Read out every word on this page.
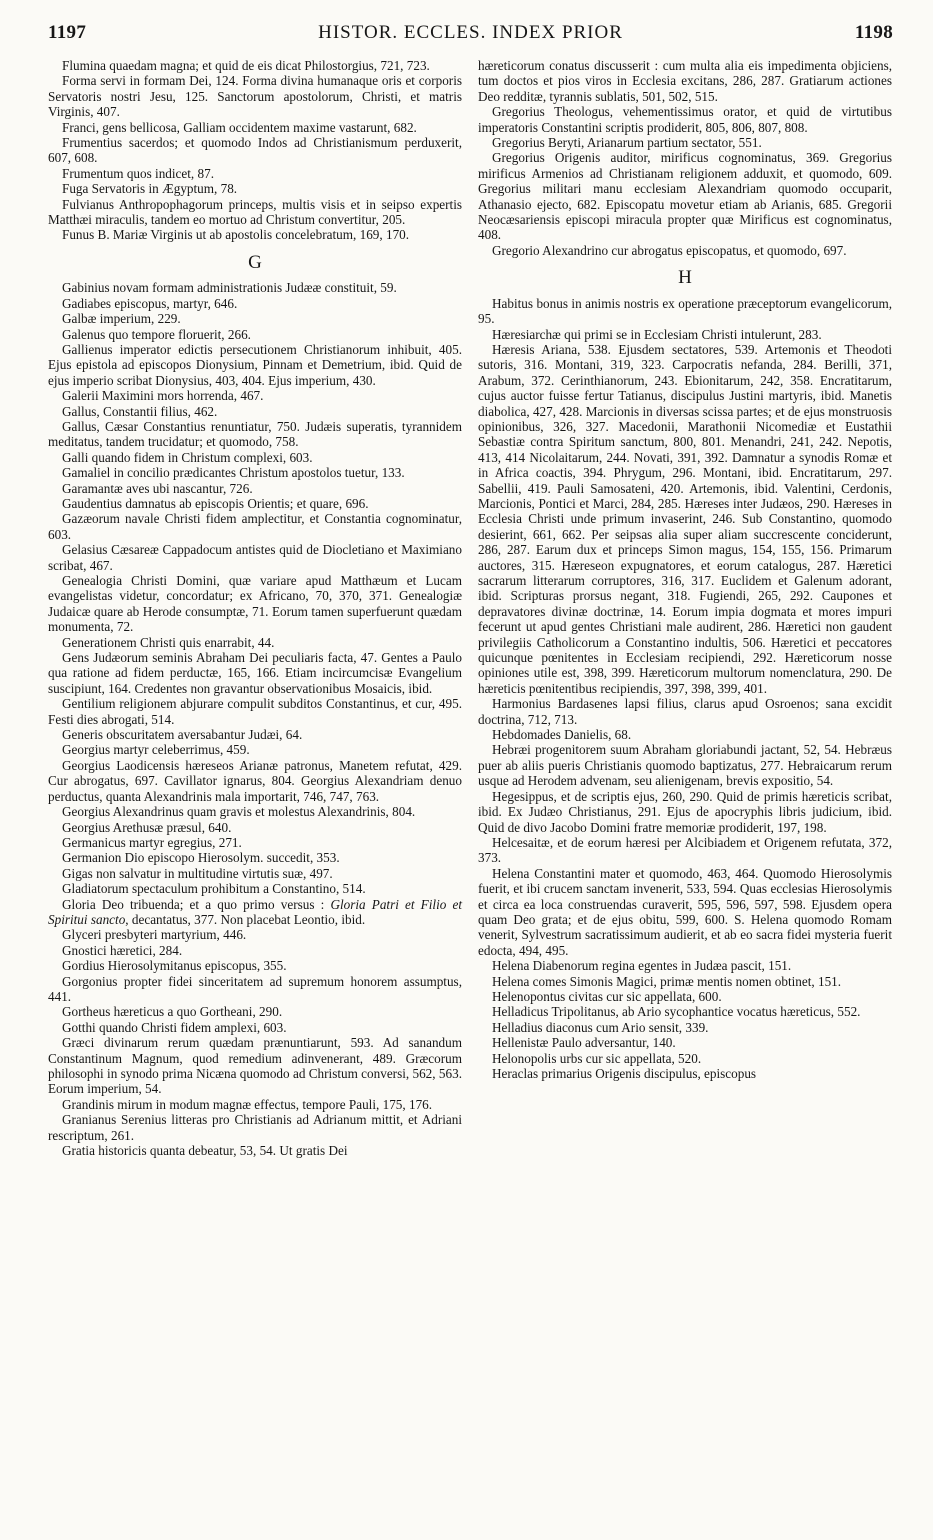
1197	HISTOR. ECCLES. INDEX PRIOR	1198

Flumina quaedam magna; et quid de eis dicat Philostorgius, 721, 723.

Forma servi in formam Dei, 124. Forma divina humanaque oris et corporis Servatoris nostri Jesu, 125. Sanctorum apostolorum, Christi, et matris Virginis, 407.

Franci, gens bellicosa, Galliam occidentem maxime vastarunt, 682.

Frumentius sacerdos; et quomodo Indos ad Christianismum perduxerit, 607, 608.

Frumentum quos indicet, 87.

Fuga Servatoris in Ægyptum, 78.

Fulvianus Anthropophagorum princeps, multis visis et in seipso expertis Matthæi miraculis, tandem eo mortuo ad Christum convertitur, 205.

Funus B. Mariæ Virginis ut ab apostolis concelebratum, 169, 170.

G

Gabinius novam formam administrationis Judææ constituit, 59.

Gadiabes episcopus, martyr, 646.

Galbæ imperium, 229.

Galenus quo tempore floruerit, 266.

Gallienus imperator edictis persecutionem Christianorum inhibuit, 405. Ejus epistola ad episcopos Dionysium, Pinnam et Demetrium, ibid. Quid de ejus imperio scribat Dionysius, 403, 404. Ejus imperium, 430.

Galerii Maximini mors horrenda, 467.

Gallus, Constantii filius, 462.

Gallus, Cæsar Constantius renuntiatur, 750. Judæis superatis, tyrannidem meditatus, tandem trucidatur; et quomodo, 758.

Galli quando fidem in Christum complexi, 603.

Gamaliel in concilio prædicantes Christum apostolos tuetur, 133.

Garamantæ aves ubi nascantur, 726.

Gaudentius damnatus ab episcopis Orientis; et quare, 696.

Gazæorum navale Christi fidem amplectitur, et Constantia cognominatur, 603.

Gelasius Cæsareæ Cappadocum antistes quid de Diocletiano et Maximiano scribat, 467.

Genealogia Christi Domini, quæ variare apud Matthæum et Lucam evangelistas videtur, concordatur; ex Africano, 70, 370, 371. Genealogiæ Judaicæ quare ab Herode consumptæ, 71. Eorum tamen superfuerunt quædam monumenta, 72.

Generationem Christi quis enarrabit, 44.

Gens Judæorum seminis Abraham Dei peculiaris facta, 47. Gentes a Paulo qua ratione ad fidem perductæ, 165, 166. Etiam incircumcisæ Evangelium suscipiunt, 164. Credentes non gravantur observationibus Mosaicis, ibid.

Gentilium religionem abjurare compulit subditos Constantinus, et cur, 495. Festi dies abrogati, 514.

Generis obscuritatem aversabantur Judæi, 64.

Georgius martyr celeberrimus, 459.

Georgius Laodicensis hæreseos Arianæ patronus, Manetem refutat, 429. Cur abrogatus, 697. Cavillator ignarus, 804. Georgius Alexandriam denuo perductus, quanta Alexandrinis mala importarit, 746, 747, 763.

Georgius Alexandrinus quam gravis et molestus Alexandrinis, 804.

Georgius Arethusæ præsul, 640.

Germanicus martyr egregius, 271.

Germanion Dio episcopo Hierosolym. succedit, 353.

Gigas non salvatur in multitudine virtutis suæ, 497.

Gladiatorum spectaculum prohibitum a Constantino, 514.

Gloria Deo tribuenda; et a quo primo versus : Gloria Patri et Filio et Spiritui sancto, decantatus, 377. Non placebat Leontio, ibid.

Glyceri presbyteri martyrium, 446.

Gnostici hæretici, 284.

Gordius Hierosolymitanus episcopus, 355.

Gorgonius propter fidei sinceritatem ad supremum honorem assumptus, 441.

Gortheus hæreticus a quo Gortheani, 290.

Gotthi quando Christi fidem amplexi, 603.

Græci divinarum rerum quædam prænuntiarunt, 593. Ad sanandum Constantinum Magnum, quod remedium adinvenerant, 489. Græcorum philosophi in synodo prima Nicæna quomodo ad Christum conversi, 562, 563. Eorum imperium, 54.

Grandinis mirum in modum magnæ effectus, tempore Pauli, 175, 176.

Granianus Serenius litteras pro Christianis ad Adrianum mittit, et Adriani rescriptum, 261.

Gratia historicis quanta debeatur, 53, 54. Ut gratis Dei

hæreticorum conatus discusserit : cum multa alia eis impedimenta objiciens, tum doctos et pios viros in Ecclesia excitans, 286, 287. Gratiarum actiones Deo redditæ, tyrannis sublatis, 501, 502, 515.

Gregorius Theologus, vehementissimus orator, et quid de virtutibus imperatoris Constantini scriptis prodiderit, 805, 806, 807, 808.

Gregorius Beryti, Arianarum partium sectator, 551.

Gregorius Origenis auditor, mirificus cognominatus, 369. Gregorius mirificus Armenios ad Christianam religionem adduxit, et quomodo, 609. Gregorius militari manu ecclesiam Alexandriam quomodo occuparit, Athanasio ejecto, 682. Episcopatu movetur etiam ab Arianis, 685. Gregorii Neocæsariensis episcopi miracula propter quæ Mirificus est cognominatus, 408.

Gregorio Alexandrino cur abrogatus episcopatus, et quomodo, 697.

H

Habitus bonus in animis nostris ex operatione præceptorum evangelicorum, 95.

Hæresiarchæ qui primi se in Ecclesiam Christi intulerunt, 283.

Hæresis Ariana, 538. Ejusdem sectatores, 539. Artemonis et Theodoti sutoris, 316. Montani, 319, 323. Carpocratis nefanda, 284. Berilli, 371, Arabum, 372. Cerinthianorum, 243. Ebionitarum, 242, 358. Encratitarum, cujus auctor fuisse fertur Tatianus, discipulus Justini martyris, ibid. Manetis diabolica, 427, 428. Marcionis in diversas scissa partes; et de ejus monstruosis opinionibus, 326, 327. Macedonii, Marathonii Nicomediæ et Eustathii Sebastiæ contra Spiritum sanctum, 800, 801. Menandri, 241, 242. Nepotis, 413, 414 Nicolaitarum, 244. Novati, 391, 392. Damnatur a synodis Romæ et in Africa coactis, 394. Phrygum, 296. Montani, ibid. Encratitarum, 297. Sabellii, 419. Pauli Samosateni, 420. Artemonis, ibid. Valentini, Cerdonis, Marcionis, Pontici et Marci, 284, 285. Hæreses inter Judæos, 290. Hæreses in Ecclesia Christi unde primum invaserint, 246. Sub Constantino, quomodo desierint, 661, 662. Per seipsas alia super aliam succrescente conciderunt, 286, 287. Earum dux et princeps Simon magus, 154, 155, 156. Primarum auctores, 315. Hæreseon expugnatores, et eorum catalogus, 287. Hæretici sacrarum litterarum corruptores, 316, 317. Euclidem et Galenum adorant, ibid. Scripturas prorsus negant, 318. Fugiendi, 265, 292. Caupones et depravatores divinæ doctrinæ, 14. Eorum impia dogmata et mores impuri fecerunt ut apud gentes Christiani male audirent, 286. Hæretici non gaudent privilegiis Catholicorum a Constantino indultis, 506. Hæretici et peccatores quicunque pœnitentes in Ecclesiam recipiendi, 292. Hæreticorum nosse opiniones utile est, 398, 399. Hæreticorum multorum nomenclatura, 290. De hæreticis pœnitentibus recipiendis, 397, 398, 399, 401.

Harmonius Bardasenes lapsi filius, clarus apud Osroenos; sana excidit doctrina, 712, 713.

Hebdomades Danielis, 68.

Hebræi progenitorem suum Abraham gloriabundi jactant, 52, 54. Hebræus puer ab aliis pueris Christianis quomodo baptizatus, 277. Hebraicarum rerum usque ad Herodem advenam, seu alienigenam, brevis expositio, 54.

Hegesippus, et de scriptis ejus, 260, 290. Quid de primis hæreticis scribat, ibid. Ex Judæo Christianus, 291. Ejus de apocryphis libris judicium, ibid. Quid de divo Jacobo Domini fratre memoriæ prodiderit, 197, 198.

Helcesaitæ, et de eorum hæresi per Alcibiadem et Origenem refutata, 372, 373.

Helena Constantini mater et quomodo, 463, 464. Quomodo Hierosolymis fuerit, et ibi crucem sanctam invenerit, 533, 594. Quas ecclesias Hierosolymis et circa ea loca construendas curaverit, 595, 596, 597, 598. Ejusdem opera quam Deo grata; et de ejus obitu, 599, 600. S. Helena quomodo Romam venerit, Sylvestrum sacratissimum audierit, et ab eo sacra fidei mysteria fuerit edocta, 494, 495.

Helena Diabenorum regina egentes in Judæa pascit, 151.

Helena comes Simonis Magici, primæ mentis nomen obtinet, 151.

Helenopontus civitas cur sic appellata, 600.

Helladicus Tripolitanus, ab Ario sycophantice vocatus hæreticus, 552.

Helladius diaconus cum Ario sensit, 339.

Hellenistæ Paulo adversantur, 140.

Helonopolis urbs cur sic appellata, 520.

Heraclas primarius Origenis discipulus, episcopus
